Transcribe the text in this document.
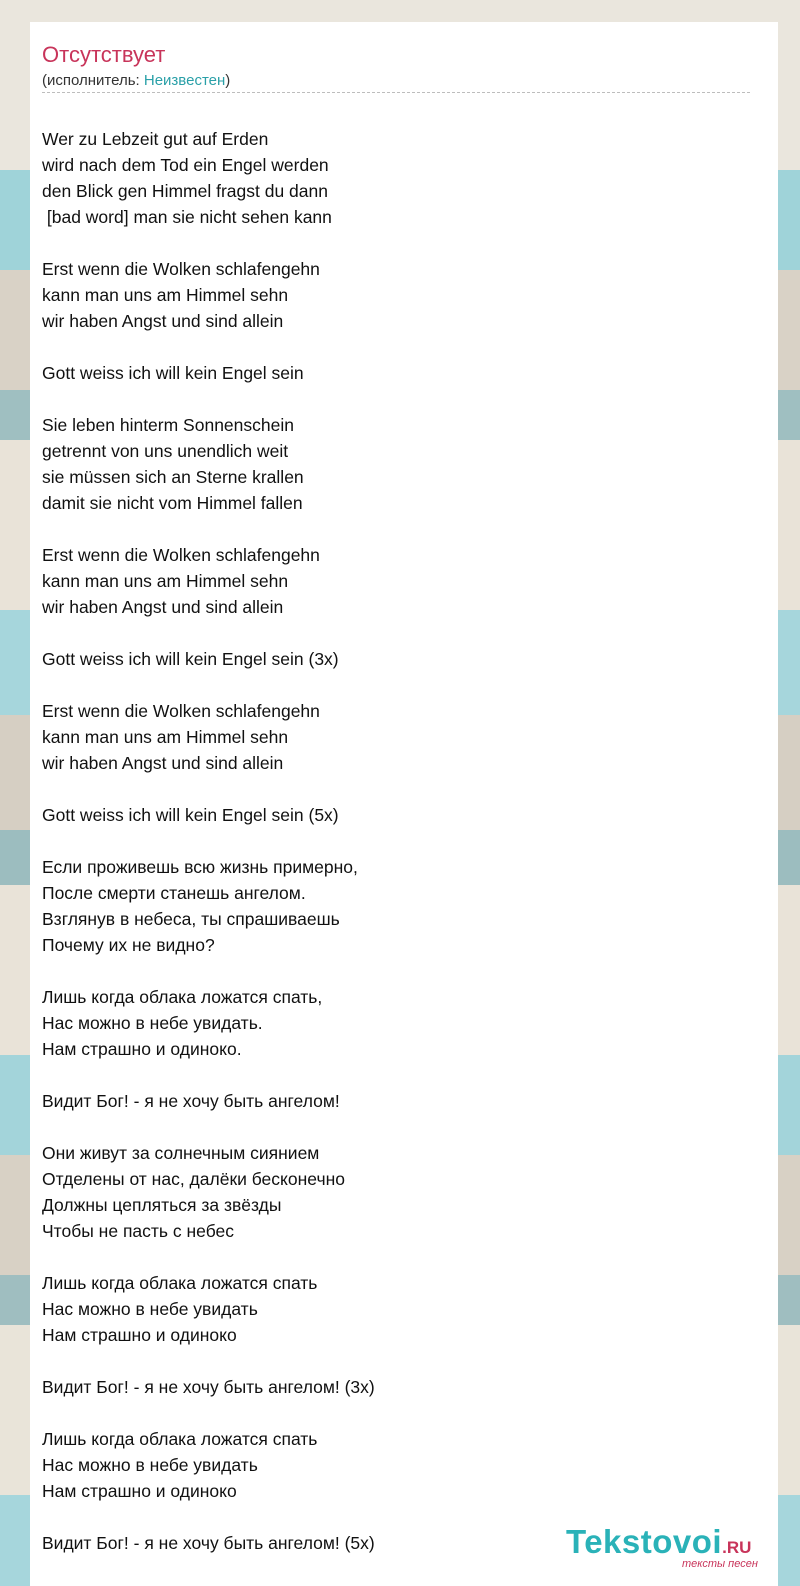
Отсутствует
(исполнитель: Неизвестен)
Wer zu Lebzeit gut auf Erden
wird nach dem Tod ein Engel werden
den Blick gen Himmel fragst du dann
[bad word] man sie nicht sehen kann
Erst wenn die Wolken schlafengehn
kann man uns am Himmel sehn
wir haben Angst und sind allein
Gott weiss ich will kein Engel sein
Sie leben hinterm Sonnenschein
getrennt von uns unendlich weit
sie müssen sich an Sterne krallen
damit sie nicht vom Himmel fallen
Erst wenn die Wolken schlafengehn
kann man uns am Himmel sehn
wir haben Angst und sind allein
Gott weiss ich will kein Engel sein (3x)
Erst wenn die Wolken schlafengehn
kann man uns am Himmel sehn
wir haben Angst und sind allein
Gott weiss ich will kein Engel sein (5x)
Если проживешь всю жизнь примерно,
После смерти станешь ангелом.
Взглянув в небеса, ты спрашиваешь
Почему их не видно?
Лишь когда облака ложатся спать,
Нас можно в небе увидать.
Нам страшно и одиноко.
Видит Бог! - я не хочу быть ангелом!
Они живут за солнечным сиянием
Отделены от нас, далёки бесконечно
Должны цепляться за звёзды
Чтобы не пасть с небес
Лишь когда облака ложатся спать
Нас можно в небе увидать
Нам страшно и одиноко
Видит Бог! - я не хочу быть ангелом! (3x)
Лишь когда облака ложатся спать
Нас можно в небе увидать
Нам страшно и одиноко
Видит Бог! - я не хочу быть ангелом! (5x)	Tekstovoi.RU
тексты песен
